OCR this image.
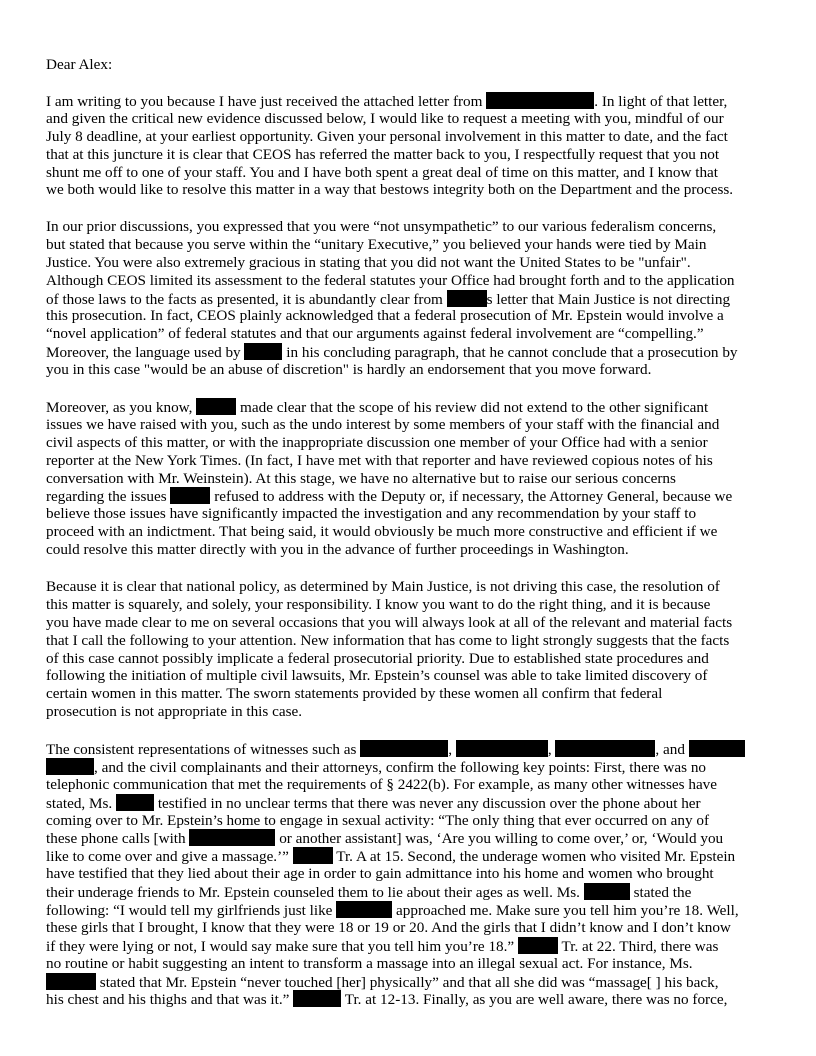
Dear Alex:

I am writing to you because I have just received the attached letter from	. In light of that letter,
and given the critical new evidence discussed below, I would like to request a meeting with you, mindful of our
July 8 deadline, at your earliest opportunity. Given your personal involvement in this matter to date, and the fact
that at this juncture it is clear that CEOS has referred the matter back to you, I respectfully request that you not
shunt me off to one of your staff. You and I have both spent a great deal of time on this matter, and I know that
we both would like to resolve this matter in a way that bestows integrity both on the Department and the process.
In our prior discussions, you expressed that you were “not unsympathetic” to our various federalism concerns,
but stated that because you serve within the “unitary Executive,” you believed your hands were tied by Main
Justice. You were also extremely gracious in stating that you did not want the United States to be "unfair".
Although CEOS limited its assessment to the federal statutes your Office had brought forth and to the application
of those laws to the facts as presented, it is abundantly clear from	s letter that Main Justice is not directing
this prosecution. In fact, CEOS plainly acknowledged that a federal prosecution of Mr. Epstein would involve a
“novel application” of federal statutes and that our arguments against federal involvement are “compelling.”
Moreover, the language used by	in his concluding paragraph, that he cannot conclude that a prosecution by
you in this case "would be an abuse of discretion" is hardly an endorsement that you move forward.
Moreover, as you know,	made clear that the scope of his review did not extend to the other significant
issues we have raised with you, such as the undo interest by some members of your staff with the financial and
civil aspects of this matter, or with the inappropriate discussion one member of your Office had with a senior
reporter at the New York Times. (In fact, I have met with that reporter and have reviewed copious notes of his
conversation with Mr. Weinstein). At this stage, we have no alternative but to raise our serious concerns
regarding the issues	refused to address with the Deputy or, if necessary, the Attorney General, because we
believe those issues have significantly impacted the investigation and any recommendation by your staff to
proceed with an indictment. That being said, it would obviously be much more constructive and efficient if we
could resolve this matter directly with you in the advance of further proceedings in Washington.
Because it is clear that national policy, as determined by Main Justice, is not driving this case, the resolution of
this matter is squarely, and solely, your responsibility. I know you want to do the right thing, and it is because
you have made clear to me on several occasions that you will always look at all of the relevant and material facts
that I call the following to your attention. New information that has come to light strongly suggests that the facts
of this case cannot possibly implicate a federal prosecutorial priority. Due to established state procedures and
following the initiation of multiple civil lawsuits, Mr. Epstein’s counsel was able to take limited discovery of
certain women in this matter. The sworn statements provided by these women all confirm that federal
prosecution is not appropriate in this case.
The consistent representations of witnesses such as	,	,	, and
, and the civil complainants and their attorneys, confirm the following key points: First, there was no
telephonic communication that met the requirements of § 2422(b). For example, as many other witnesses have
stated, Ms.	testified in no unclear terms that there was never any discussion over the phone about her
coming over to Mr. Epstein’s home to engage in sexual activity: “The only thing that ever occurred on any of
these phone calls [with	or another assistant] was, ‘Are you willing to come over,’ or, ‘Would you
like to come over and give a massage.’”	Tr. A at 15. Second, the underage women who visited Mr. Epstein
have testified that they lied about their age in order to gain admittance into his home and women who brought
their underage friends to Mr. Epstein counseled them to lie about their ages as well. Ms.	stated the
following: “I would tell my girlfriends just like	approached me. Make sure you tell him you’re 18. Well,
these girls that I brought, I know that they were 18 or 19 or 20. And the girls that I didn’t know and I don’t know
if they were lying or not, I would say make sure that you tell him you’re 18.”	Tr. at 22. Third, there was
no routine or habit suggesting an intent to transform a massage into an illegal sexual act. For instance, Ms.
stated that Mr. Epstein “never touched [her] physically” and that all she did was “massage[ ] his back,
his chest and his thighs and that was it.”	Tr. at 12-13. Finally, as you are well aware, there was no force,
